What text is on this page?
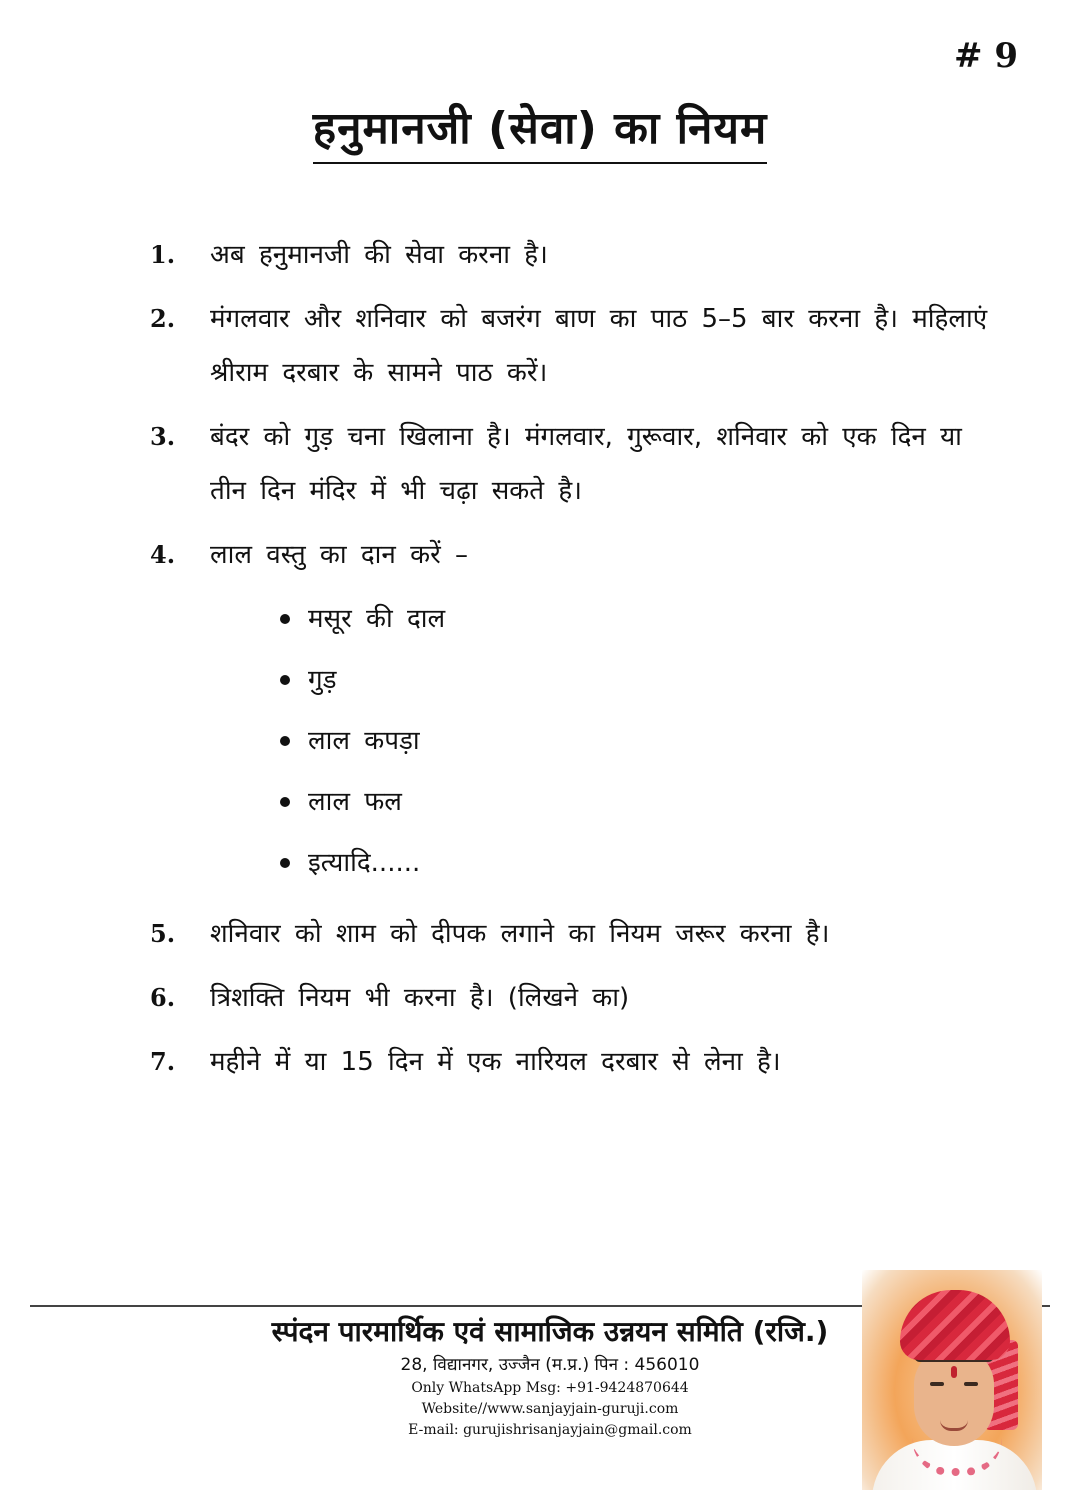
# 9
हनुमानजी (सेवा) का नियम
1.	अब हनुमानजी की सेवा करना है।
2.	मंगलवार और शनिवार को बजरंग बाण का पाठ 5–5 बार करना है। महिलाएं श्रीराम दरबार के सामने पाठ करें।
3.	बंदर को गुड़ चना खिलाना है। मंगलवार, गुरूवार, शनिवार को एक दिन या तीन दिन मंदिर में भी चढ़ा सकते है।
4.	लाल वस्तु का दान करें –
मसूर की दाल
गुड़
लाल कपड़ा
लाल फल
इत्यादि......
5.	शनिवार को शाम को दीपक लगाने का नियम जरूर करना है।
6.	त्रिशक्ति नियम भी करना है। (लिखने का)
7.	महीने में या 15 दिन में एक नारियल दरबार से लेना है।
स्पंदन पारमार्थिक एवं सामाजिक उन्नयन समिति (रजि.)
28, विद्यानगर, उज्जैन (म.प्र.) पिन : 456010
Only WhatsApp Msg: +91-9424870644
Website//www.sanjayjain-guruji.com
E-mail: gurujishrisanjayjain@gmail.com
